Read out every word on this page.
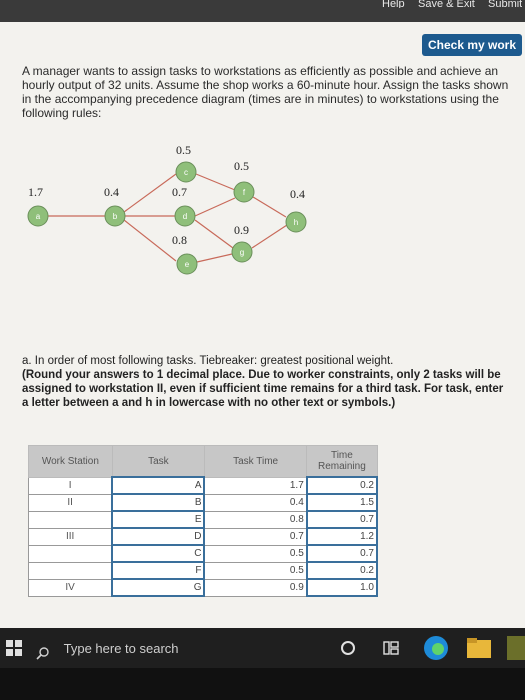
Help Save & Exit Submit
Check my work
A manager wants to assign tasks to workstations as efficiently as possible and achieve an hourly output of 32 units. Assume the shop works a 60-minute hour. Assign the tasks shown in the accompanying precedence diagram (times are in minutes) to workstations using the following rules:
1.7	0.4
0.5
0.7
0.8
0.5
0.9
0.4
a	b
c
d
e
f
g
h
a. In order of most following tasks. Tiebreaker: greatest positional weight.
(Round your answers to 1 decimal place. Due to worker constraints, only 2 tasks will be assigned to workstation II, even if sufficient time remains for a third task. For task, enter a letter between a and h in lowercase with no other text or symbols.)
Work Station	Task	Task Time	Time Remaining
I	A	1.7	0.2
II	B	0.4	1.5
	E	0.8	0.7
III	D	0.7	1.2
	C	0.5	0.7
	F	0.5	0.2
IV	G	0.9	1.0
Type here to search
